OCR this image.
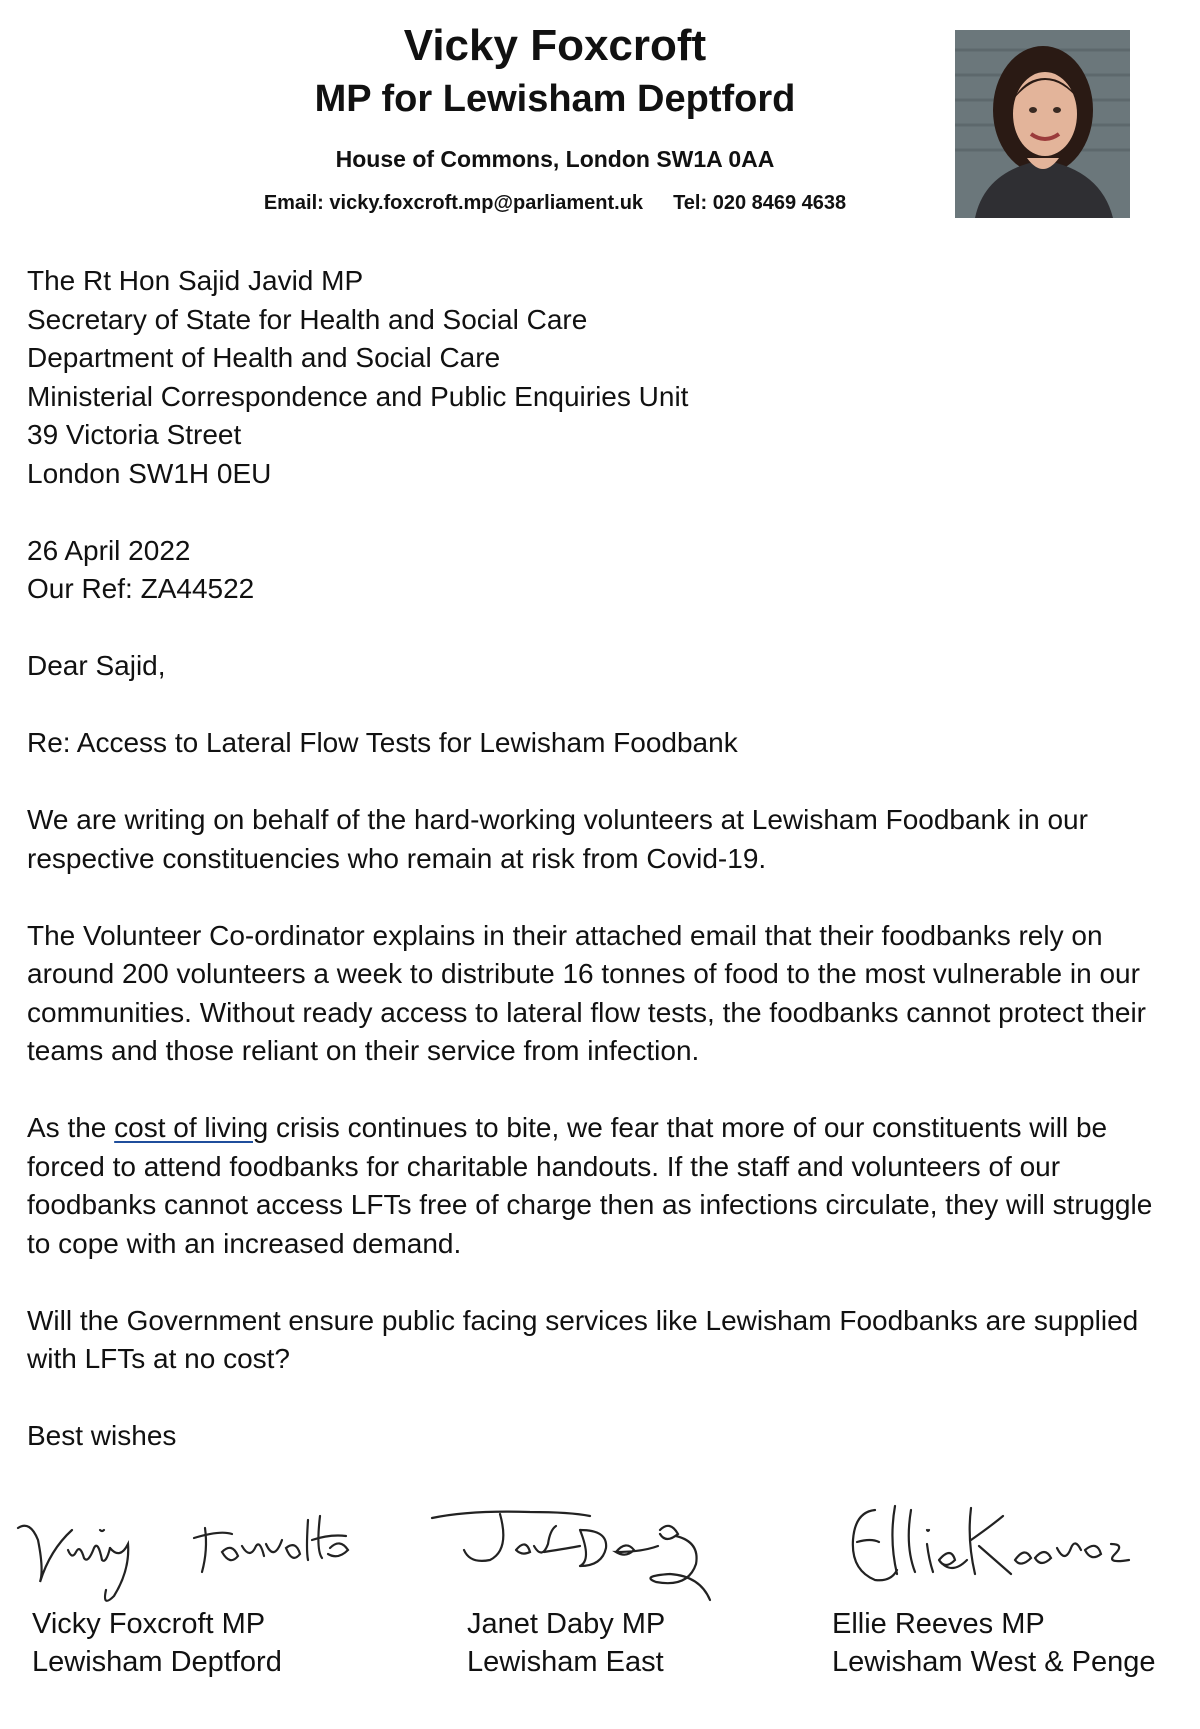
Vicky Foxcroft

MP for Lewisham Deptford

House of Commons, London SW1A 0AA
Email: vicky.foxcroft.mp@parliament.uk Tel: 020 8469 4638

The Rt Hon Sajid Javid MP

Secretary of State for Health and Social Care

Department of Health and Social Care

Ministerial Correspondence and Public Enquiries Unit

39 Victoria Street

London SW1H 0EU

26 April 2022

Our Ref: ZA44522

Dear Sajid,

Re: Access to Lateral Flow Tests for Lewisham Foodbank

We are writing on behalf of the hard-working volunteers at Lewisham Foodbank in our respective constituencies who remain at risk from Covid-19.

The Volunteer Co-ordinator explains in their attached email that their foodbanks rely on around 200 volunteers a week to distribute 16 tonnes of food to the most vulnerable in our communities. Without ready access to lateral flow tests, the foodbanks cannot protect their teams and those reliant on their service from infection.

As the cost of living crisis continues to bite, we fear that more of our constituents will be forced to attend foodbanks for charitable handouts. If the staff and volunteers of our foodbanks cannot access LFTs free of charge then as infections circulate, they will struggle to cope with an increased demand.

Will the Government ensure public facing services like Lewisham Foodbanks are supplied with LFTs at no cost?

Best wishes

Vicky Foxcroft MP
Lewisham Deptford
Janet Daby MP
Lewisham East
Ellie Reeves MP
Lewisham West & Penge
